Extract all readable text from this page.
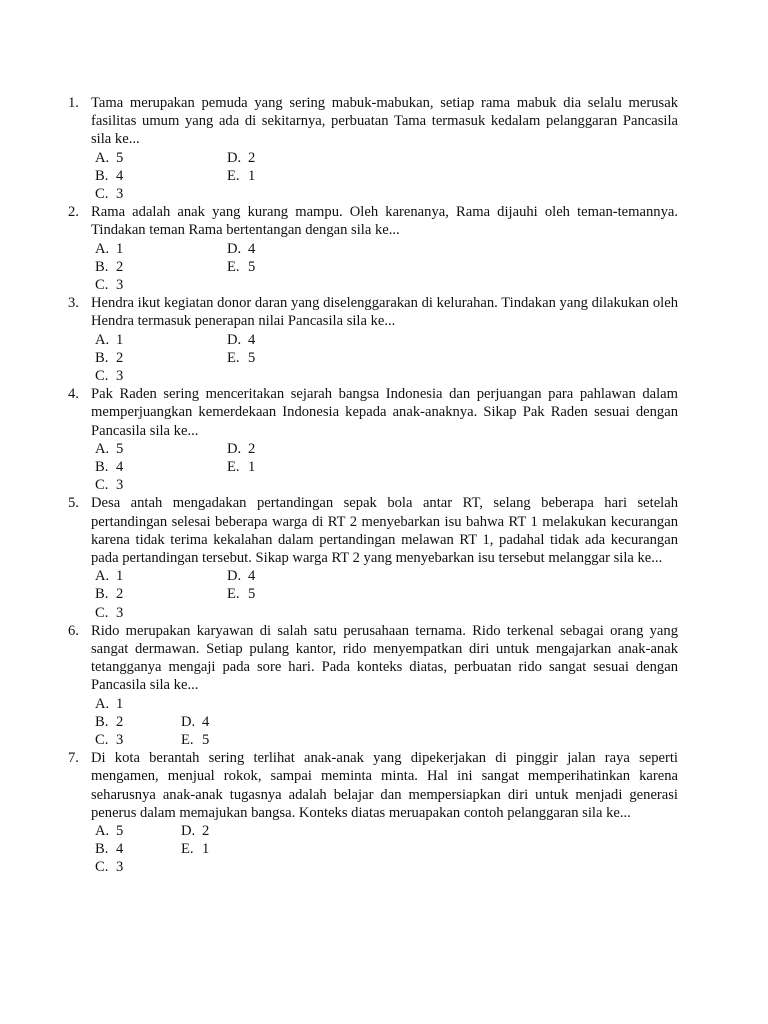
1. Tama merupakan pemuda yang sering mabuk-mabukan, setiap rama mabuk dia selalu merusak fasilitas umum yang ada di sekitarnya, perbuatan Tama termasuk kedalam pelanggaran Pancasila sila ke...
A. 5
B. 4
C. 3
D. 2
E. 1
2. Rama adalah anak yang kurang mampu. Oleh karenanya, Rama dijauhi oleh teman-temannya. Tindakan teman Rama bertentangan dengan sila ke...
A. 1
B. 2
C. 3
D. 4
E. 5
3. Hendra ikut kegiatan donor daran yang diselenggarakan di kelurahan. Tindakan yang dilakukan oleh Hendra termasuk penerapan nilai Pancasila sila ke...
A. 1
B. 2
C. 3
D. 4
E. 5
4. Pak Raden sering menceritakan sejarah bangsa Indonesia dan perjuangan para pahlawan dalam memperjuangkan kemerdekaan Indonesia kepada anak-anaknya. Sikap Pak Raden sesuai dengan Pancasila sila ke...
A. 5
B. 4
C. 3
D. 2
E. 1
5. Desa antah mengadakan pertandingan sepak bola antar RT, selang beberapa hari setelah pertandingan selesai beberapa warga di RT 2 menyebarkan isu bahwa RT 1 melakukan kecurangan karena tidak terima kekalahan dalam pertandingan melawan RT 1, padahal tidak ada kecurangan pada pertandingan tersebut. Sikap warga RT 2 yang menyebarkan isu tersebut melanggar sila ke...
A. 1
B. 2
C. 3
D. 4
E. 5
6. Rido merupakan karyawan di salah satu perusahaan ternama. Rido terkenal sebagai orang yang sangat dermawan. Setiap pulang kantor, rido menyempatkan diri untuk mengajarkan anak-anak tetangganya mengaji pada sore hari. Pada konteks diatas, perbuatan rido sangat sesuai dengan Pancasila sila ke...
A. 1
B. 2
C. 3
D. 4
E. 5
7. Di kota berantah sering terlihat anak-anak yang dipekerjakan di pinggir jalan raya seperti mengamen, menjual rokok, sampai meminta minta. Hal ini sangat memperihatinkan karena seharusnya anak-anak tugasnya adalah belajar dan mempersiapkan diri untuk menjadi generasi penerus dalam memajukan bangsa. Konteks diatas meruapakan contoh pelanggaran sila ke...
A. 5
B. 4
C. 3
D. 2
E. 1
